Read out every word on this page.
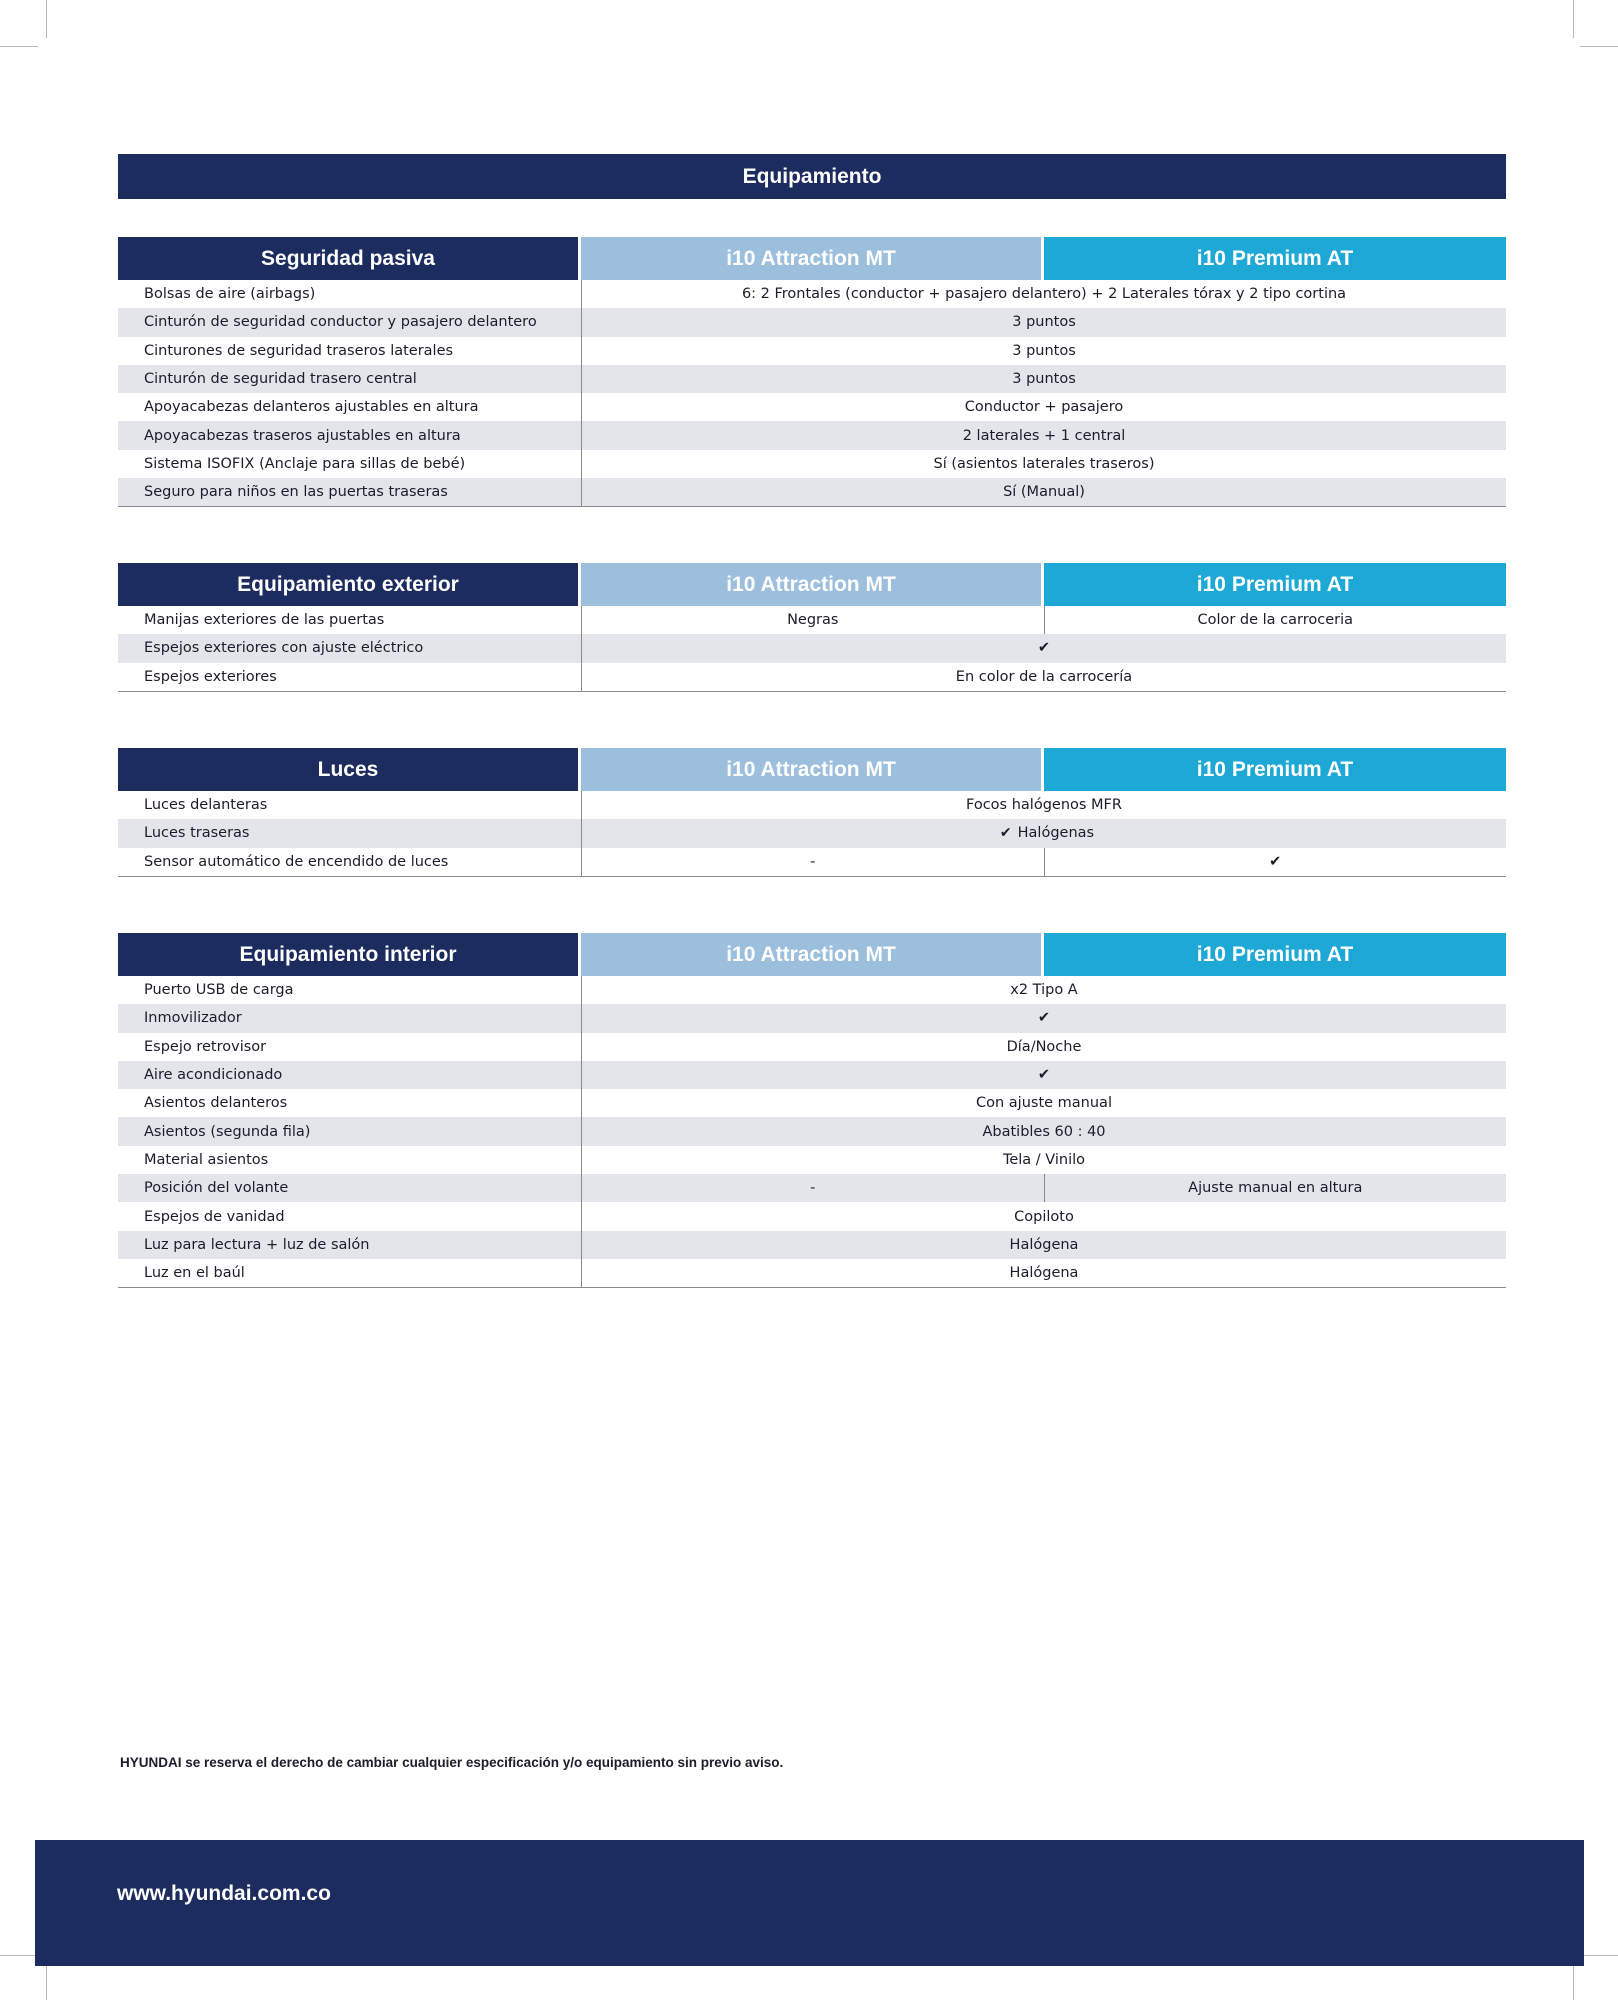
Equipamiento
Seguridad pasiva	i10 Attraction MT	i10 Premium AT
Bolsas de aire (airbags)	6: 2 Frontales (conductor + pasajero delantero) + 2 Laterales tórax y 2 tipo cortina
Cinturón de seguridad conductor y pasajero delantero	3 puntos
Cinturones de seguridad traseros laterales	3 puntos
Cinturón de seguridad trasero central	3 puntos
Apoyacabezas delanteros ajustables en altura	Conductor + pasajero
Apoyacabezas traseros ajustables en altura	2 laterales + 1 central
Sistema ISOFIX (Anclaje para sillas de bebé)	Sí (asientos laterales traseros)
Seguro para niños en las puertas traseras	Sí (Manual)
Equipamiento exterior	i10 Attraction MT	i10 Premium AT
Manijas exteriores de las puertas	Negras	Color de la carroceria
Espejos exteriores con ajuste eléctrico	✔
Espejos exteriores	En color de la carrocería
Luces	i10 Attraction MT	i10 Premium AT
Luces delanteras	Focos halógenos MFR
Luces traseras	✔ Halógenas
Sensor automático de encendido de luces	-	✔
Equipamiento interior	i10 Attraction MT	i10 Premium AT
Puerto USB de carga	x2 Tipo A
Inmovilizador	✔
Espejo retrovisor	Día/Noche
Aire acondicionado	✔
Asientos delanteros	Con ajuste manual
Asientos (segunda fila)	Abatibles 60 : 40
Material asientos	Tela / Vinilo
Posición del volante	-	Ajuste manual en altura
Espejos de vanidad	Copiloto
Luz para lectura + luz de salón	Halógena
Luz en el baúl	Halógena
HYUNDAI se reserva el derecho de cambiar cualquier especificación y/o equipamiento sin previo aviso.
www.hyundai.com.co
